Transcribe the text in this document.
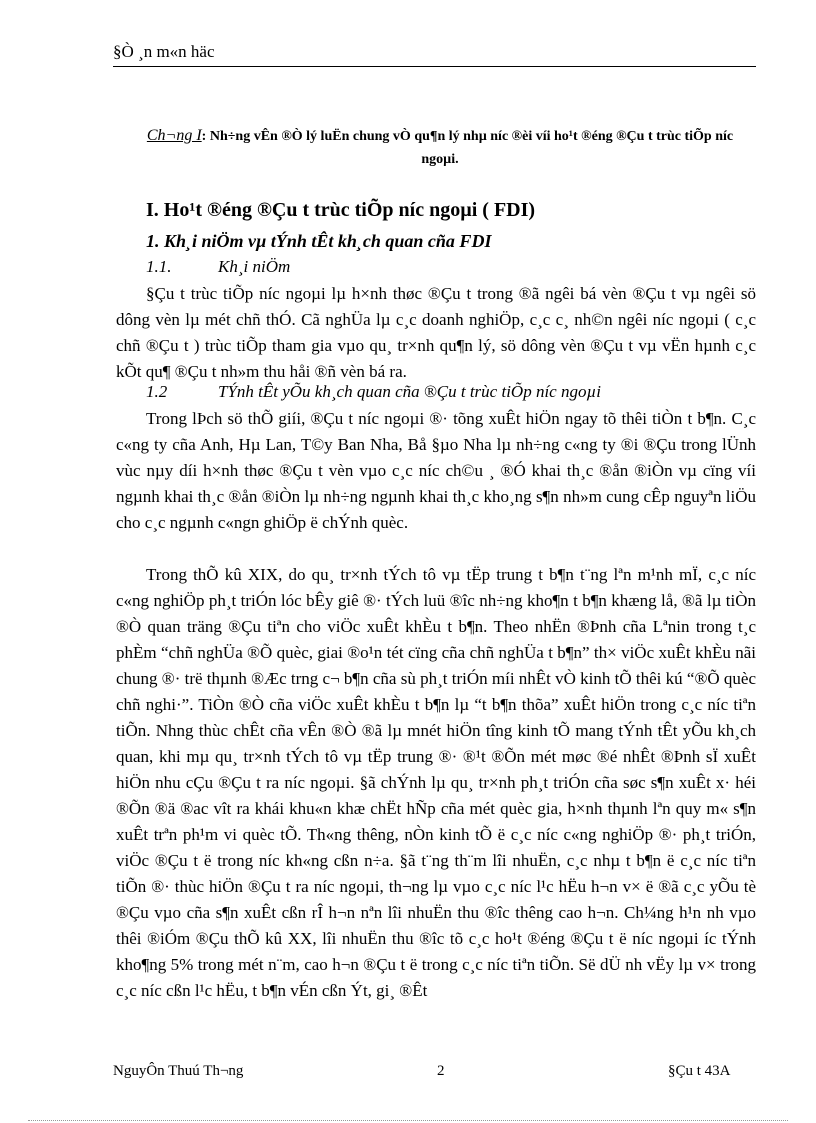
§Ò ¸n m«n häc
Ch¬ng I: Nh÷ng vÊn ®Ò lý luËn chung vÒ qu¶n lý nhµ níc ®èi víi ho¹t ®éng ®Çu t trùc tiÕp níc ngoµi.
I. Ho¹t ®éng ®Çu t trùc tiÕp níc ngoµi ( FDI)
1. Kh¸i niÖm vµ tÝnh tÊt kh¸ch quan cña FDI
1.1.	Kh¸i niÖm

§Çu t trùc tiÕp níc ngoµi lµ h×nh thøc ®Çu t trong ®ã ngêi bá vèn ®Çu t vµ ngêi sö dông vèn lµ mét chñ thÓ. Cã nghÜa lµ c¸c doanh nghiÖp, c¸c c¸ nh©n ngêi níc ngoµi ( c¸c chñ ®Çu t ) trùc tiÕp tham gia vµo qu¸ tr×nh qu¶n lý, sö dông vèn ®Çu t vµ vËn hµnh c¸c kÕt qu¶ ®Çu t nh»m thu håi ®ñ vèn bá ra.

1.2	TÝnh tÊt yÕu kh¸ch quan cña ®Çu t trùc tiÕp níc ngoµi

Trong lÞch sö thÕ giíi, ®Çu t níc ngoµi ®· tõng xuÊt hiÖn ngay tõ thêi tiÒn t b¶n. C¸c c«ng ty cña Anh, Hµ Lan, T©y Ban Nha, Bå §µo Nha lµ nh÷ng c«ng ty ®i ®Çu trong lÜnh vùc nµy díi h×nh thøc ®Çu t vèn vµo c¸c níc ch©u ¸ ®Ó khai th¸c ®ån ®iÒn vµ cïng víi ngµnh khai th¸c ®ån ®iÒn lµ nh÷ng ngµnh khai th¸c kho¸ng s¶n nh»m cung cÊp nguyªn liÖu cho c¸c ngµnh c«ngn ghiÖp ë chÝnh quèc.

Trong thÕ kû XIX, do qu¸ tr×nh tÝch tô vµ tËp trung t b¶n t¨ng lªn m¹nh mÏ, c¸c níc c«ng nghiÖp ph¸t triÓn lóc bÊy giê ®· tÝch luü ®îc nh÷ng kho¶n t b¶n khæng lå, ®ã lµ tiÒn ®Ò quan träng ®Çu tiªn cho viÖc xuÊt khÈu t b¶n. Theo nhËn ®Þnh cña Lªnin trong t¸c phÈm “chñ nghÜa ®Õ quèc, giai ®o¹n tét cïng cña chñ nghÜa t b¶n” th× viÖc xuÊt khÈu nãi chung ®· trë thµnh ®Æc trng c¬ b¶n cña sù ph¸t triÓn míi nhÊt vÒ kinh tÕ thêi kú “®Õ quèc chñ nghi·”. TiÒn ®Ò cña viÖc xuÊt khÈu t b¶n lµ “t b¶n thõa” xuÊt hiÖn trong c¸c níc tiªn tiÕn. Nhng thùc chÊt cña vÊn ®Ò ®ã lµ mnét hiÖn tîng kinh tÕ mang tÝnh tÊt yÕu kh¸ch quan, khi mµ qu¸ tr×nh tÝch tô vµ tËp trung ®· ®¹t ®Õn mét møc ®é nhÊt ®Þnh sÏ xuÊt hiÖn nhu cÇu ®Çu t ra níc ngoµi. §ã chÝnh lµ qu¸ tr×nh ph¸t triÓn cña søc s¶n xuÊt x· héi ®Õn ®ä ®ac vît ra khái khu«n khæ chËt hÑp cña mét quèc gia, h×nh thµnh lªn quy m« s¶n xuÊt trªn ph¹m vi quèc tÕ. Th«ng thêng, nÒn kinh tÕ ë c¸c níc c«ng nghiÖp ®· ph¸t triÓn, viÖc ®Çu t ë trong níc kh«ng cßn n÷a. §ã t¨ng th¨m lîi nhuËn, c¸c nhµ t b¶n ë c¸c níc tiªn tiÕn ®· thùc hiÖn ®Çu t ra níc ngoµi, th¬ng lµ vµo c¸c níc l¹c hËu h¬n v× ë ®ã c¸c yÕu tè ®Çu vµo cña s¶n xuÊt cßn rÎ h¬n nªn lîi nhuËn thu ®îc thêng cao h¬n. Ch¼ng h¹n nh vµo thêi ®iÓm ®Çu thÕ kû XX, lîi nhuËn thu ®îc tõ c¸c ho¹t ®éng ®Çu t ë níc ngoµi íc tÝnh kho¶ng 5% trong mét n¨m, cao h¬n ®Çu t ë trong c¸c níc tiªn tiÕn. Së dÜ nh vËy lµ v× trong c¸c níc cßn l¹c hËu, t b¶n vÉn cßn Ýt, gi¸ ®Êt

NguyÔn Thuú Th¬ng	2	§Çu t 43A
